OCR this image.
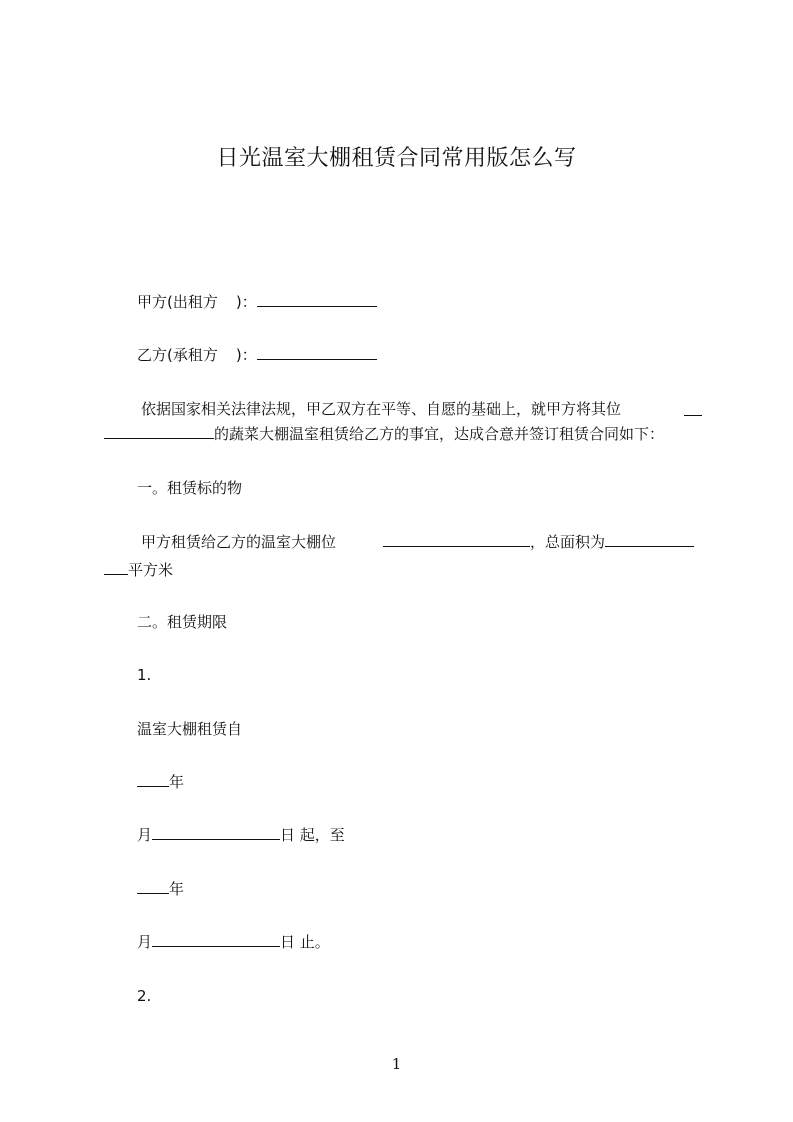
日光温室大棚租赁合同常用版怎么写
甲方(出租方 )：
乙方(承租方 )：
依据国家相关法律法规，甲乙双方在平等、自愿的基础上，就甲方将其位
的蔬菜大棚温室租赁给乙方的事宜，达成合意并签订租赁合同如下：
一。租赁标的物
甲方租赁给乙方的温室大棚位	，总面积为
平方米
二。租赁期限
1.
温室大棚租赁自
年
月	日 起，至
年
月	日 止。
2.
1
